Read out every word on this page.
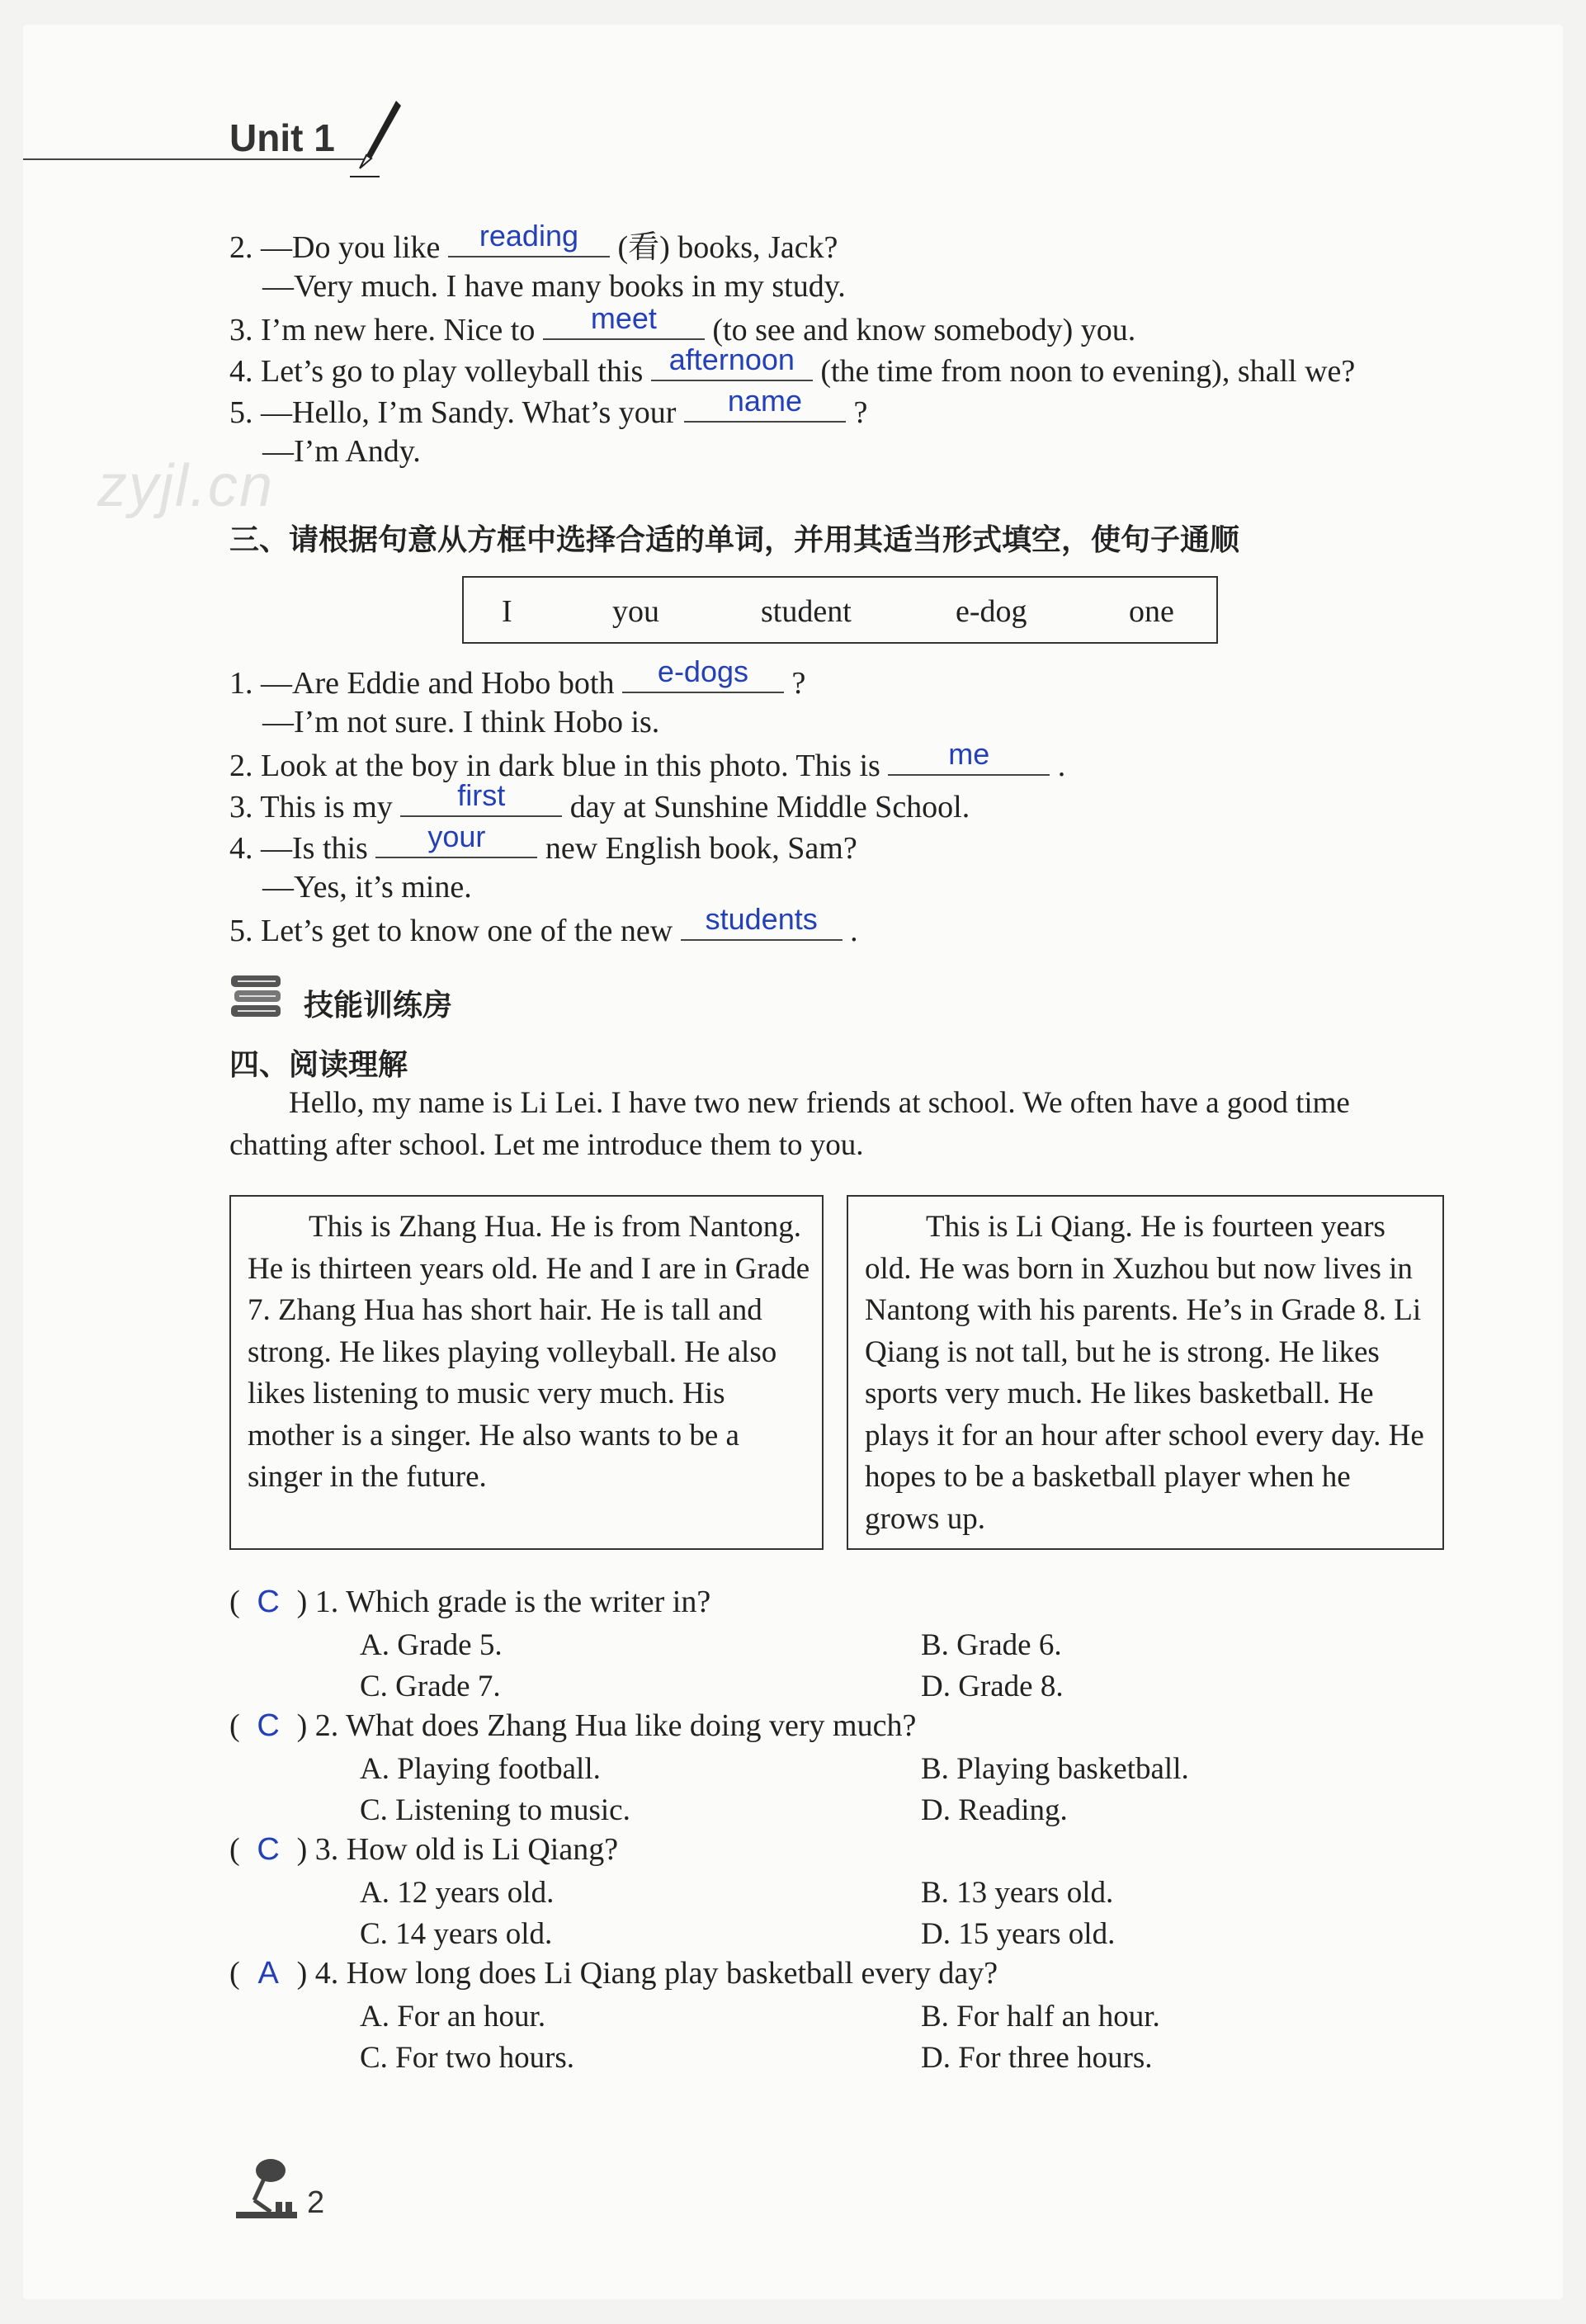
Unit 1
zyjl.cn
2. —Do you like	reading	(看) books, Jack?
—Very much. I have many books in my study.
3. I’m new here. Nice to	meet	(to see and know somebody) you.
4. Let’s go to play volleyball this afternoon (the time from noon to evening), shall we?
5. —Hello, I’m Sandy. What’s your	name	?
—I’m Andy.
三、请根据句意从方框中选择合适的单词，并用其适当形式填空，使句子通顺
I	you	student	e-dog	one
1. —Are Eddie and Hobo both	e-dogs	?
—I’m not sure. I think Hobo is.
2. Look at the boy in dark blue in this photo. This is	me	.
3. This is my	first	day at Sunshine Middle School.
4. —Is this	your	new English book, Sam?
—Yes, it’s mine.
5. Let’s get to know one of the new	students	.
技能训练房
四、阅读理解
Hello, my name is Li Lei. I have two new friends at school. We often have a good time chatting after school. Let me introduce them to you.
This is Zhang Hua. He is from Nantong. He is thirteen years old. He and I are in Grade 7. Zhang Hua has short hair. He is tall and strong. He likes playing volleyball. He also likes listening to music very much. His mother is a singer. He also wants to be a singer in the future.
This is Li Qiang. He is fourteen years old. He was born in Xuzhou but now lives in Nantong with his parents. He’s in Grade 8. Li Qiang is not tall, but he is strong. He likes sports very much. He likes basketball. He plays it for an hour after school every day. He hopes to be a basketball player when he grows up.
( C ) 1. Which grade is the writer in?
A. Grade 5.	B. Grade 6.
C. Grade 7.	D. Grade 8.
( C ) 2. What does Zhang Hua like doing very much?
A. Playing football.	B. Playing basketball.
C. Listening to music.	D. Reading.
( C ) 3. How old is Li Qiang?
A. 12 years old.	B. 13 years old.
C. 14 years old.	D. 15 years old.
( A ) 4. How long does Li Qiang play basketball every day?
A. For an hour.	B. For half an hour.
C. For two hours.	D. For three hours.
2
